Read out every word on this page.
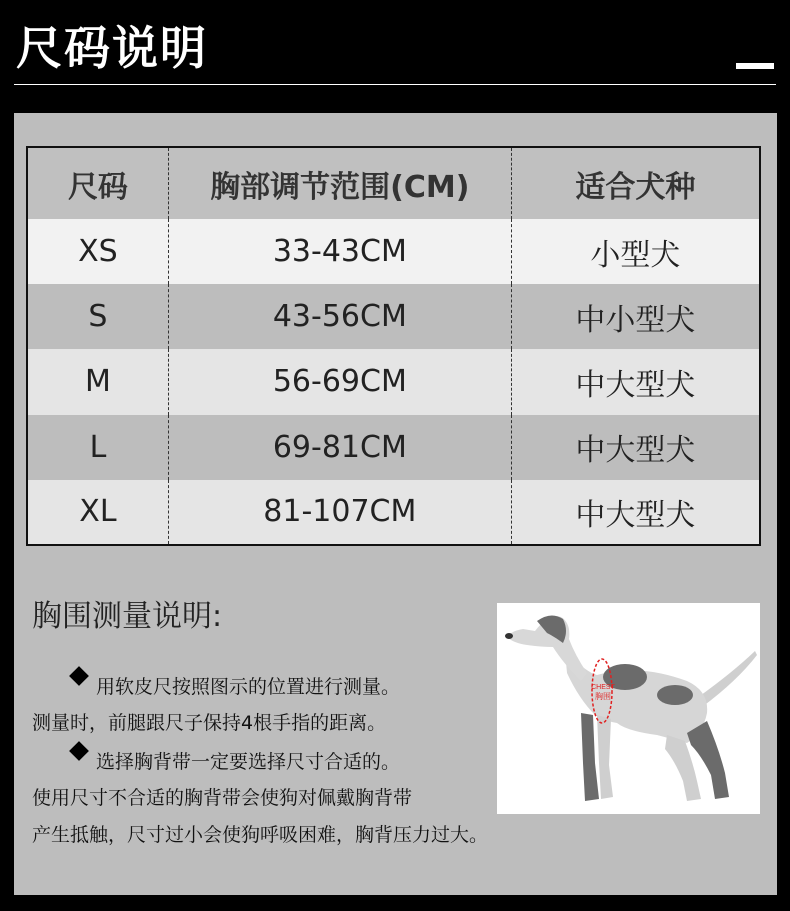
尺码说明
尺码	胸部调节范围(CM)	适合犬种
XS	33-43CM	小型犬
S	43-56CM	中小型犬
M	56-69CM	中大型犬
L	69-81CM	中大型犬
XL	81-107CM	中大型犬
胸围测量说明:
用软皮尺按照图示的位置进行测量。
测量时，前腿跟尺子保持4根手指的距离。
选择胸背带一定要选择尺寸合适的。
使用尺寸不合适的胸背带会使狗对佩戴胸背带
产生抵触，尺寸过小会使狗呼吸困难，胸背压力过大。
CHEST
胸围
